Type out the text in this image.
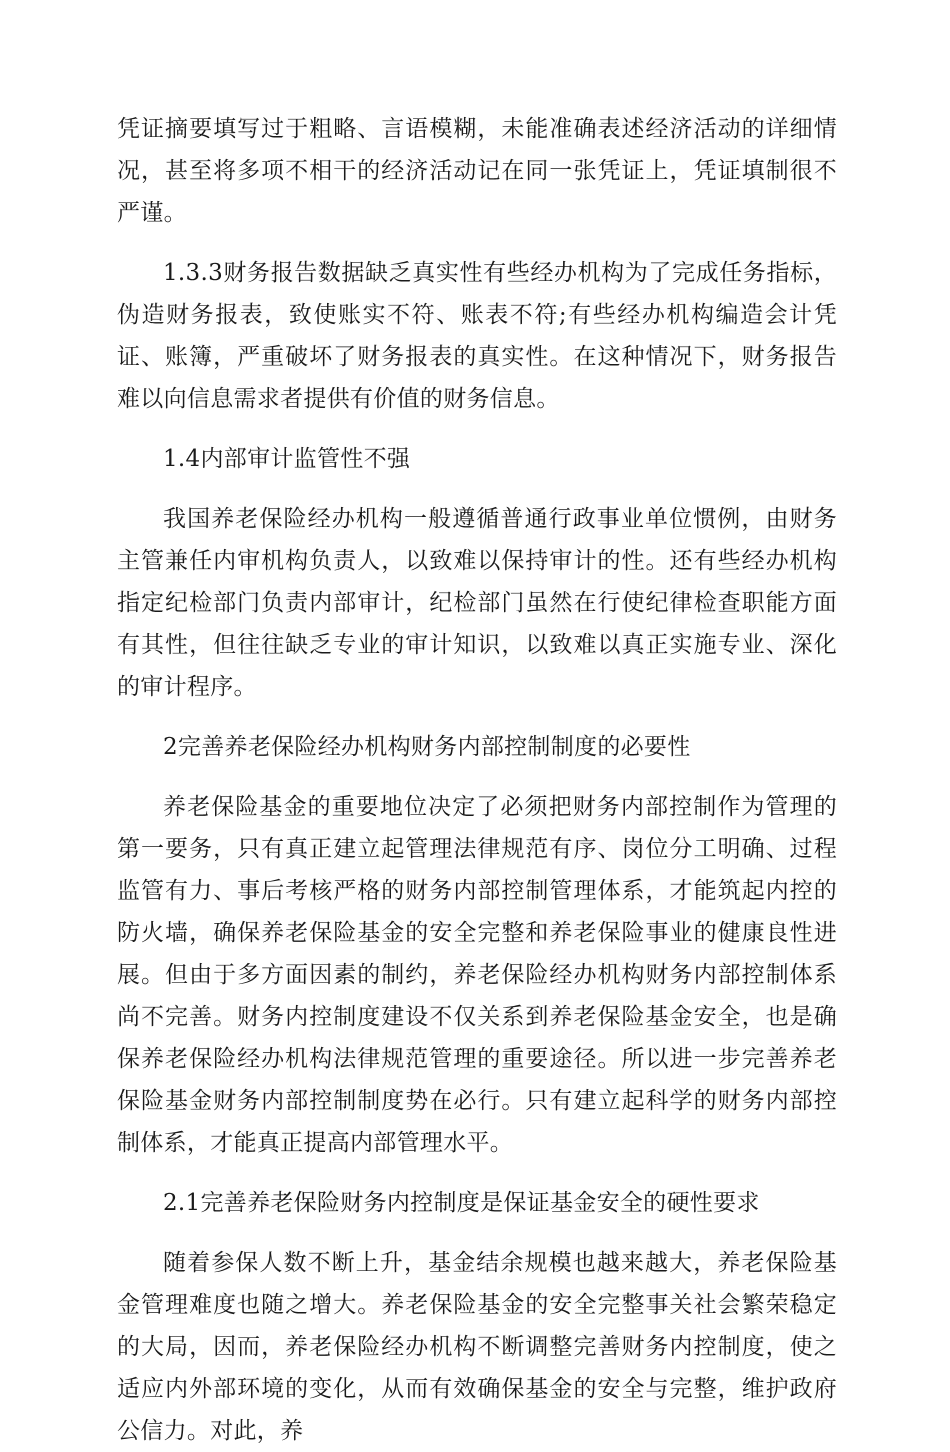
凭证摘要填写过于粗略、言语模糊，未能准确表述经济活动的详细情况，甚至将多项不相干的经济活动记在同一张凭证上，凭证填制很不严谨。

1.3.3财务报告数据缺乏真实性有些经办机构为了完成任务指标，伪造财务报表，致使账实不符、账表不符;有些经办机构编造会计凭证、账簿，严重破坏了财务报表的真实性。在这种情况下，财务报告难以向信息需求者提供有价值的财务信息。

1.4内部审计监管性不强

我国养老保险经办机构一般遵循普通行政事业单位惯例，由财务主管兼任内审机构负责人，以致难以保持审计的性。还有些经办机构指定纪检部门负责内部审计，纪检部门虽然在行使纪律检查职能方面有其性，但往往缺乏专业的审计知识，以致难以真正实施专业、深化的审计程序。

2完善养老保险经办机构财务内部控制制度的必要性

养老保险基金的重要地位决定了必须把财务内部控制作为管理的第一要务，只有真正建立起管理法律规范有序、岗位分工明确、过程监管有力、事后考核严格的财务内部控制管理体系，才能筑起内控的防火墙，确保养老保险基金的安全完整和养老保险事业的健康良性进展。但由于多方面因素的制约，养老保险经办机构财务内部控制体系尚不完善。财务内控制度建设不仅关系到养老保险基金安全，也是确保养老保险经办机构法律规范管理的重要途径。所以进一步完善养老保险基金财务内部控制制度势在必行。只有建立起科学的财务内部控制体系，才能真正提高内部管理水平。

2.1完善养老保险财务内控制度是保证基金安全的硬性要求

随着参保人数不断上升，基金结余规模也越来越大，养老保险基金管理难度也随之增大。养老保险基金的安全完整事关社会繁荣稳定的大局，因而，养老保险经办机构不断调整完善财务内控制度，使之适应内外部环境的变化，从而有效确保基金的安全与完整，维护政府公信力。对此，养
